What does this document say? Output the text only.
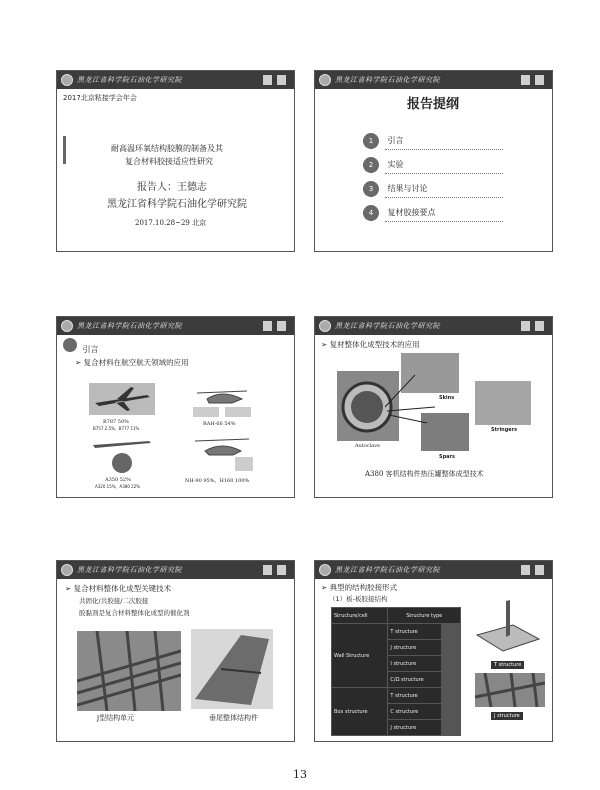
黑龙江省科学院石油化学研究院
2017北京粘接学会年会
耐高温环氧结构胶膜的制备及其
复合材料胶接适应性研究
报告人：王德志
黑龙江省科学院石油化学研究院
2017.10.28~29 北京
黑龙江省科学院石油化学研究院
报告提纲
1 引言
2 实验
3 结果与讨论
4 复材胶接要点
黑龙江省科学院石油化学研究院
引言
➢ 复合材料在航空航天领域的应用
B787 50%
B757 2.5%，B777 11%
RAH-66 54%
A350 52%
A320 15%，A380 22%
NH-90 95%，H160 100%
黑龙江省科学院石油化学研究院
➢ 复材整体化成型技术的应用
Autoclave
Skins
Stringers
Spars
A380 客机结构件热压罐整体成型技术
黑龙江省科学院石油化学研究院
➢ 复合材料整体化成型关键技术
共固化/共胶接/二次胶接
胶黏剂是复合材料整体化成型的催化剂
J型结构单元	垂尾整体结构件
黑龙江省科学院石油化学研究院
➢ 典型的结构胶接形式
（1）板-板胶接结构
Structure/cell	Structure type	
Wall Structure	T structure	
	J structure	
	I structure	
	C/Ω structure	
Box structure	T structure	
	C structure	
	J structure	
T structure
J structure
13
